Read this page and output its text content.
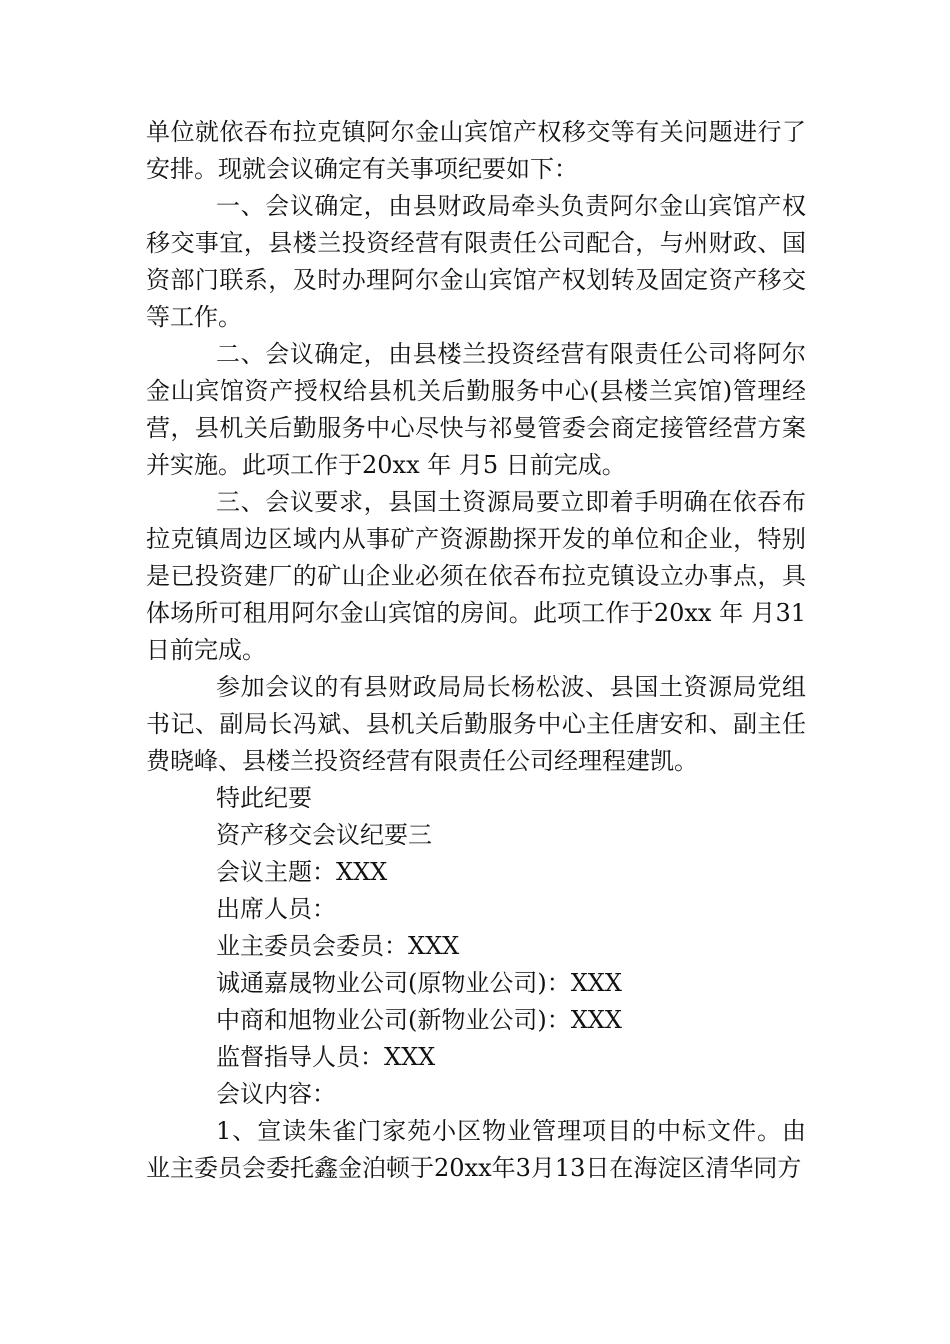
单位就依吞布拉克镇阿尔金山宾馆产权移交等有关问题进行了安排。现就会议确定有关事项纪要如下：

一、会议确定，由县财政局牵头负责阿尔金山宾馆产权移交事宜，县楼兰投资经营有限责任公司配合，与州财政、国资部门联系，及时办理阿尔金山宾馆产权划转及固定资产移交等工作。

二、会议确定，由县楼兰投资经营有限责任公司将阿尔金山宾馆资产授权给县机关后勤服务中心(县楼兰宾馆)管理经营，县机关后勤服务中心尽快与祁曼管委会商定接管经营方案并实施。此项工作于20xx 年 月5 日前完成。

三、会议要求，县国土资源局要立即着手明确在依吞布拉克镇周边区域内从事矿产资源勘探开发的单位和企业，特别是已投资建厂的矿山企业必须在依吞布拉克镇设立办事点，具体场所可租用阿尔金山宾馆的房间。此项工作于20xx 年 月31日前完成。

参加会议的有县财政局局长杨松波、县国土资源局党组书记、副局长冯斌、县机关后勤服务中心主任唐安和、副主任费晓峰、县楼兰投资经营有限责任公司经理程建凯。

特此纪要

资产移交会议纪要三

会议主题：XXX

出席人员：

业主委员会委员：XXX

诚通嘉晟物业公司(原物业公司)：XXX

中商和旭物业公司(新物业公司)：XXX

监督指导人员：XXX

会议内容：

1、宣读朱雀门家苑小区物业管理项目的中标文件。由业主委员会委托鑫金泊顿于20xx年3月13日在海淀区清华同方
